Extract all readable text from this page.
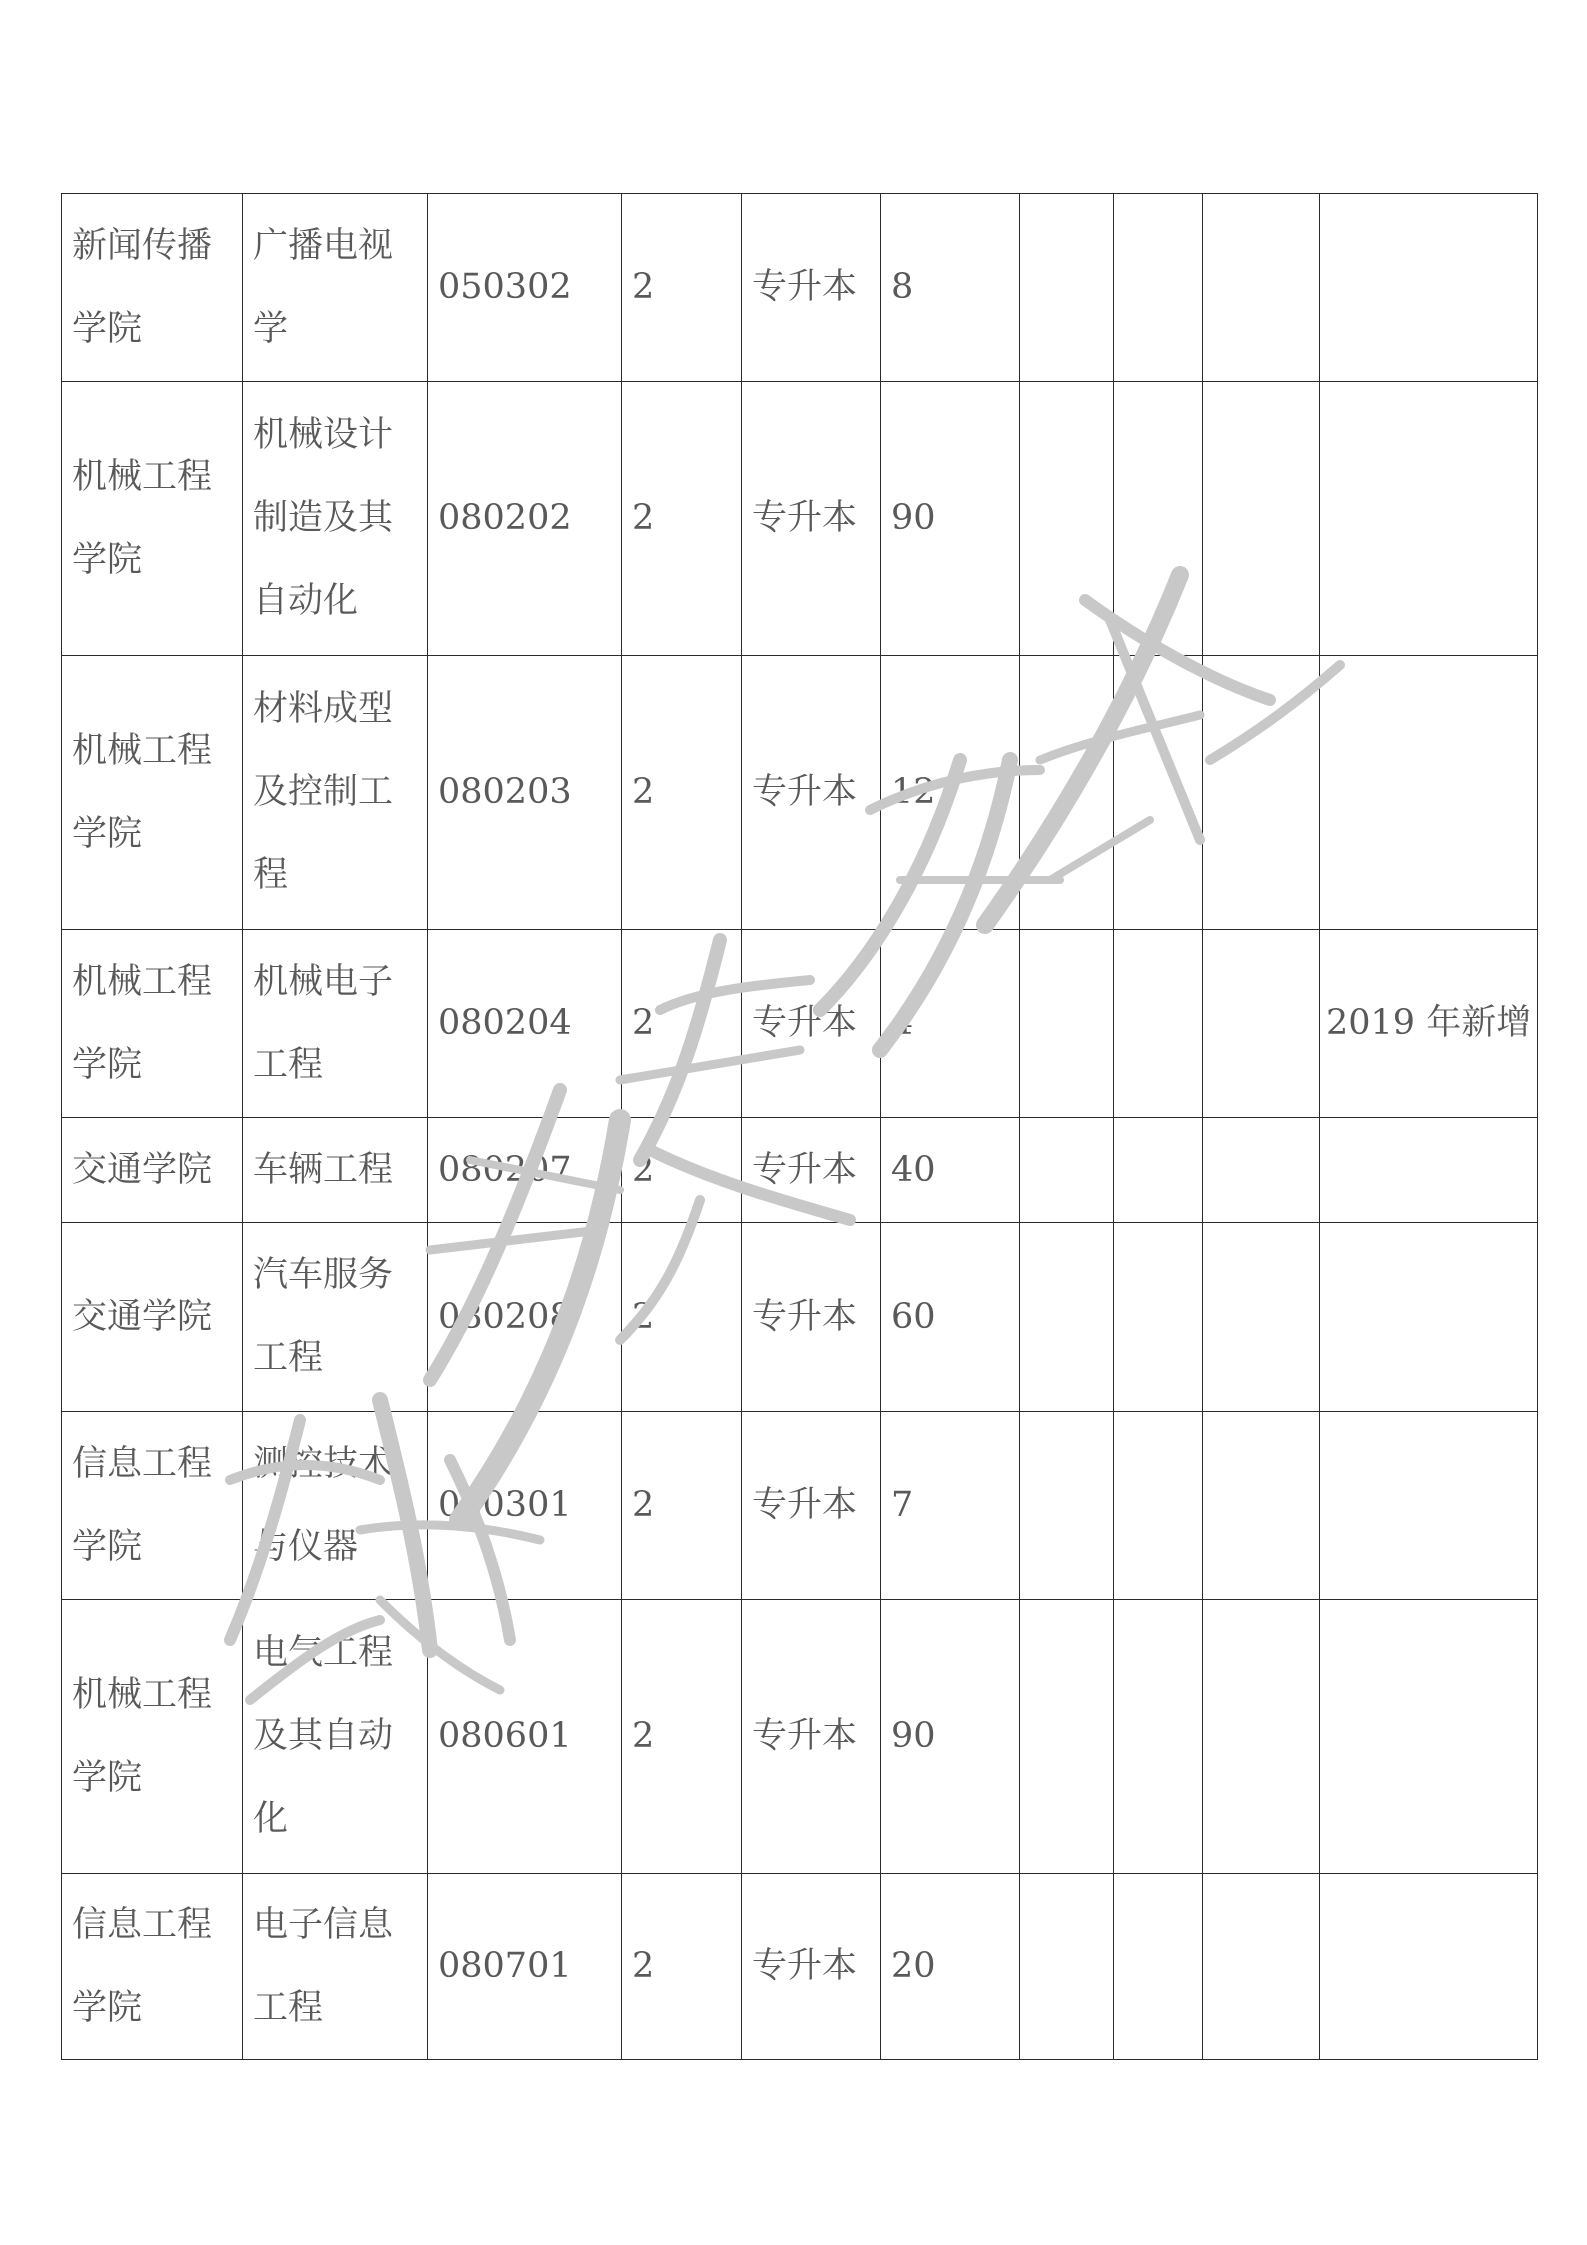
新闻传播学院	广播电视学	050302	2	专升本	8				
机械工程学院	机械设计制造及其自动化	080202	2	专升本	90				
机械工程学院	材料成型及控制工程	080203	2	专升本	12				
机械工程学院	机械电子工程	080204	2	专升本	4				2019 年新增
交通学院	车辆工程	080207	2	专升本	40				
交通学院	汽车服务工程	080208	2	专升本	60				
信息工程学院	测控技术与仪器	080301	2	专升本	7				
机械工程学院	电气工程及其自动化	080601	2	专升本	90				
信息工程学院	电子信息工程	080701	2	专升本	20				
